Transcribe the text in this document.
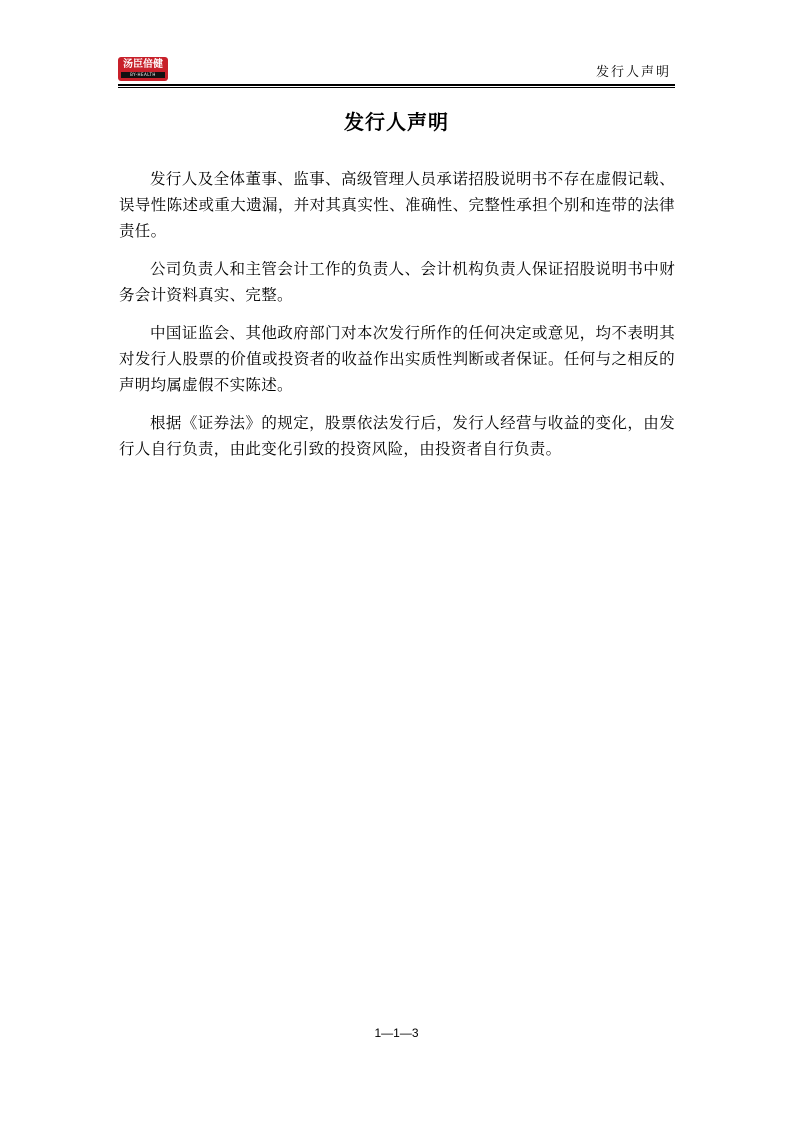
汤臣倍健
BY-HEALTH	发行人声明
发行人声明

发行人及全体董事、监事、高级管理人员承诺招股说明书不存在虚假记载、误导性陈述或重大遗漏，并对其真实性、准确性、完整性承担个别和连带的法律责任。

公司负责人和主管会计工作的负责人、会计机构负责人保证招股说明书中财务会计资料真实、完整。

中国证监会、其他政府部门对本次发行所作的任何决定或意见，均不表明其对发行人股票的价值或投资者的收益作出实质性判断或者保证。任何与之相反的声明均属虚假不实陈述。

根据《证券法》的规定，股票依法发行后，发行人经营与收益的变化，由发行人自行负责，由此变化引致的投资风险，由投资者自行负责。

1—1—3
